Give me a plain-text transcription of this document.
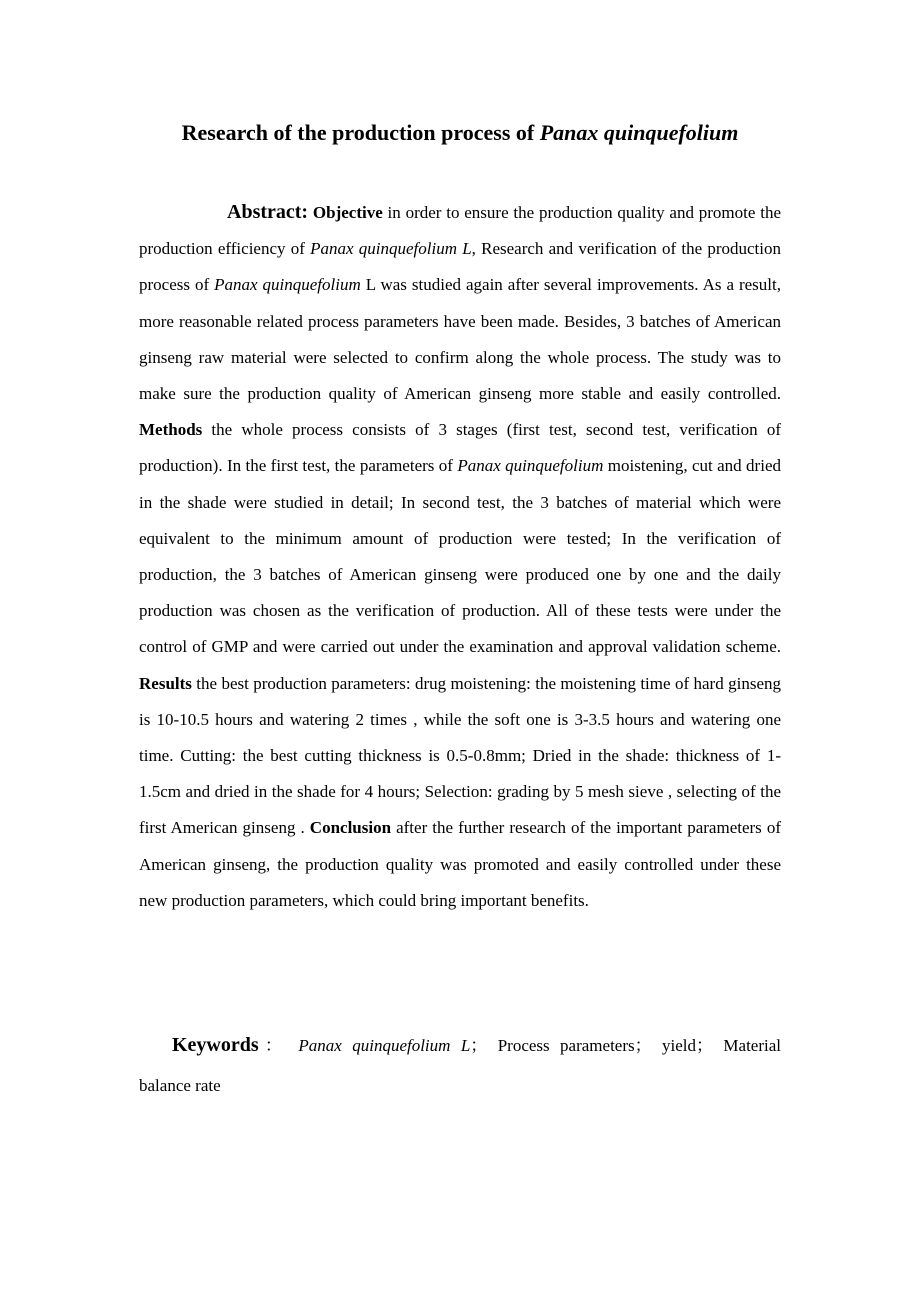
Research of the production process of Panax quinquefolium
Abstract: Objective in order to ensure the production quality and promote the production efficiency of Panax quinquefolium L, Research and verification of the production process of Panax quinquefolium L was studied again after several improvements. As a result, more reasonable related process parameters have been made. Besides, 3 batches of American ginseng raw material were selected to confirm along the whole process. The study was to make sure the production quality of American ginseng more stable and easily controlled. Methods the whole process consists of 3 stages (first test, second test, verification of production). In the first test, the parameters of Panax quinquefolium moistening, cut and dried in the shade were studied in detail; In second test, the 3 batches of material which were equivalent to the minimum amount of production were tested; In the verification of production, the 3 batches of American ginseng were produced one by one and the daily production was chosen as the verification of production. All of these tests were under the control of GMP and were carried out under the examination and approval validation scheme. Results the best production parameters: drug moistening: the moistening time of hard ginseng is 10-10.5 hours and watering 2 times , while the soft one is 3-3.5 hours and watering one time. Cutting: the best cutting thickness is 0.5-0.8mm; Dried in the shade: thickness of 1-1.5cm and dried in the shade for 4 hours; Selection: grading by 5 mesh sieve , selecting of the first American ginseng . Conclusion after the further research of the important parameters of American ginseng, the production quality was promoted and easily controlled under these new production parameters, which could bring important benefits.
Keywords： Panax quinquefolium L； Process parameters； yield； Material balance rate
